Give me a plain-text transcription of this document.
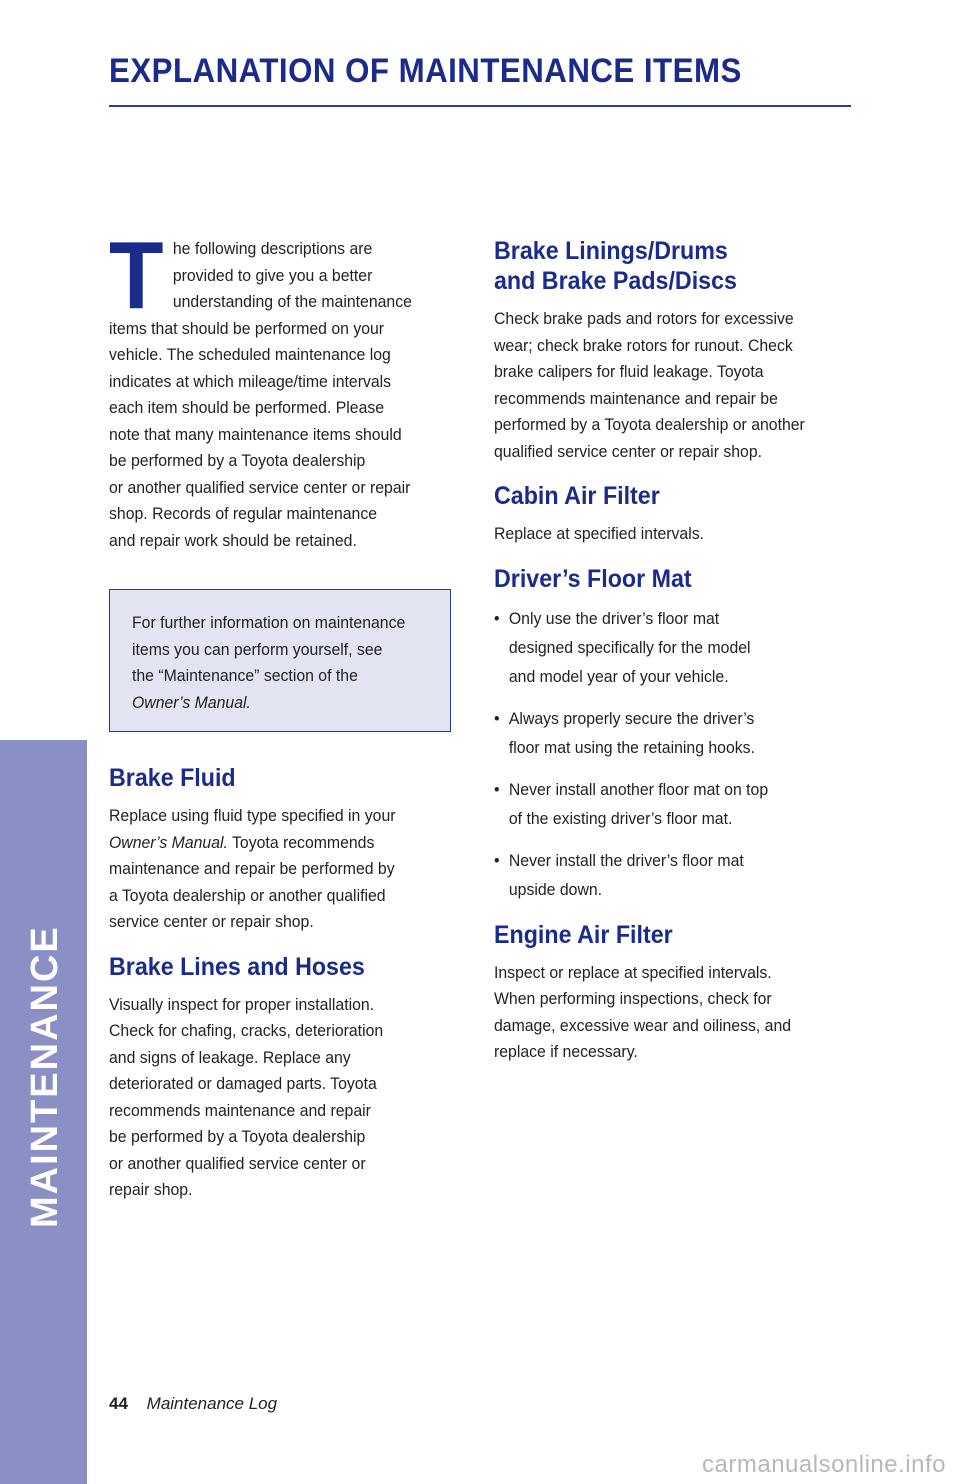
EXPLANATION OF MAINTENANCE ITEMS
MAINTENANCE
T he following descriptions are
provided to give you a better
understanding of the maintenance
items that should be performed on your
vehicle. The scheduled maintenance log
indicates at which mileage/time intervals
each item should be performed. Please
note that many maintenance items should
be performed by a Toyota dealership
or another qualified service center or repair
shop. Records of regular maintenance
and repair work should be retained.

For further information on maintenance
items you can perform yourself, see
the “Maintenance” section of the
Owner’s Manual.
Brake Fluid

Replace using fluid type specified in your
Owner’s Manual. Toyota recommends
maintenance and repair be performed by
a Toyota dealership or another qualified
service center or repair shop.

Brake Lines and Hoses

Visually inspect for proper installation.
Check for chafing, cracks, deterioration
and signs of leakage. Replace any
deteriorated or damaged parts. Toyota
recommends maintenance and repair
be performed by a Toyota dealership
or another qualified service center or
repair shop.

Brake Linings/Drums
and Brake Pads/Discs

Check brake pads and rotors for excessive
wear; check brake rotors for runout. Check
brake calipers for fluid leakage. Toyota
recommends maintenance and repair be
performed by a Toyota dealership or another
qualified service center or repair shop.

Cabin Air Filter

Replace at specified intervals.

Driver’s Floor Mat
• Only use the driver’s floor mat
designed specifically for the model
and model year of your vehicle.
• Always properly secure the driver’s
floor mat using the retaining hooks.
• Never install another floor mat on top
of the existing driver’s floor mat.
• Never install the driver’s floor mat
upside down.
Engine Air Filter

Inspect or replace at specified intervals.
When performing inspections, check for
damage, excessive wear and oiliness, and
replace if necessary.

44 Maintenance Log
carmanualsonline.info
